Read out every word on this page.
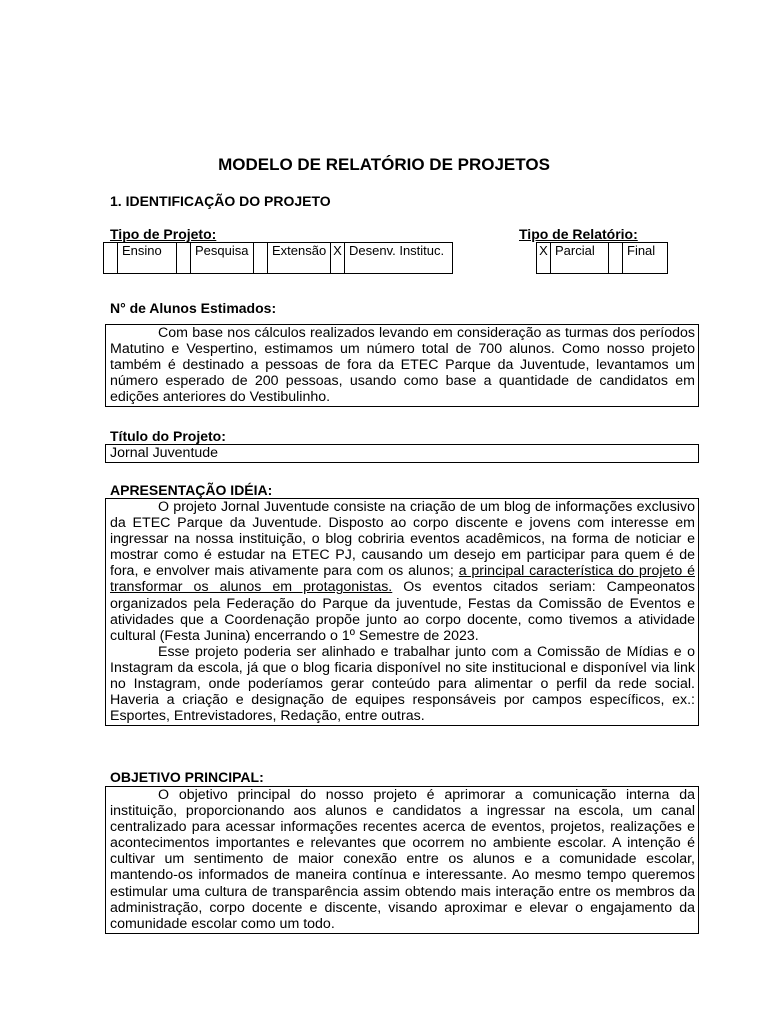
MODELO DE RELATÓRIO DE PROJETOS
1. IDENTIFICAÇÃO DO PROJETO
Tipo de Projeto:
	Ensino		Pesquisa		Extensão	X	Desenv. Instituc.
Tipo de Relatório:
X	Parcial		Final
N° de Alunos Estimados:

Com base nos cálculos realizados levando em consideração as turmas dos períodos Matutino e Vespertino, estimamos um número total de 700 alunos. Como nosso projeto também é destinado a pessoas de fora da ETEC Parque da Juventude, levantamos um número esperado de 200 pessoas, usando como base a quantidade de candidatos em edições anteriores do Vestibulinho.

Título do Projeto:
Jornal Juventude
APRESENTAÇÃO IDÉIA:

O projeto Jornal Juventude consiste na criação de um blog de informações exclusivo da ETEC Parque da Juventude. Disposto ao corpo discente e jovens com interesse em ingressar na nossa instituição, o blog cobriria eventos acadêmicos, na forma de noticiar e mostrar como é estudar na ETEC PJ, causando um desejo em participar para quem é de fora, e envolver mais ativamente para com os alunos; a principal característica do projeto é transformar os alunos em protagonistas. Os eventos citados seriam: Campeonatos organizados pela Federação do Parque da juventude, Festas da Comissão de Eventos e atividades que a Coordenação propõe junto ao corpo docente, como tivemos a atividade cultural (Festa Junina) encerrando o 1º Semestre de 2023.

Esse projeto poderia ser alinhado e trabalhar junto com a Comissão de Mídias e o Instagram da escola, já que o blog ficaria disponível no site institucional e disponível via link no Instagram, onde poderíamos gerar conteúdo para alimentar o perfil da rede social. Haveria a criação e designação de equipes responsáveis por campos específicos, ex.: Esportes, Entrevistadores, Redação, entre outras.

OBJETIVO PRINCIPAL:

O objetivo principal do nosso projeto é aprimorar a comunicação interna da instituição, proporcionando aos alunos e candidatos a ingressar na escola, um canal centralizado para acessar informações recentes acerca de eventos, projetos, realizações e acontecimentos importantes e relevantes que ocorrem no ambiente escolar. A intenção é cultivar um sentimento de maior conexão entre os alunos e a comunidade escolar, mantendo-os informados de maneira contínua e interessante. Ao mesmo tempo queremos estimular uma cultura de transparência assim obtendo mais interação entre os membros da administração, corpo docente e discente, visando aproximar e elevar o engajamento da comunidade escolar como um todo.
